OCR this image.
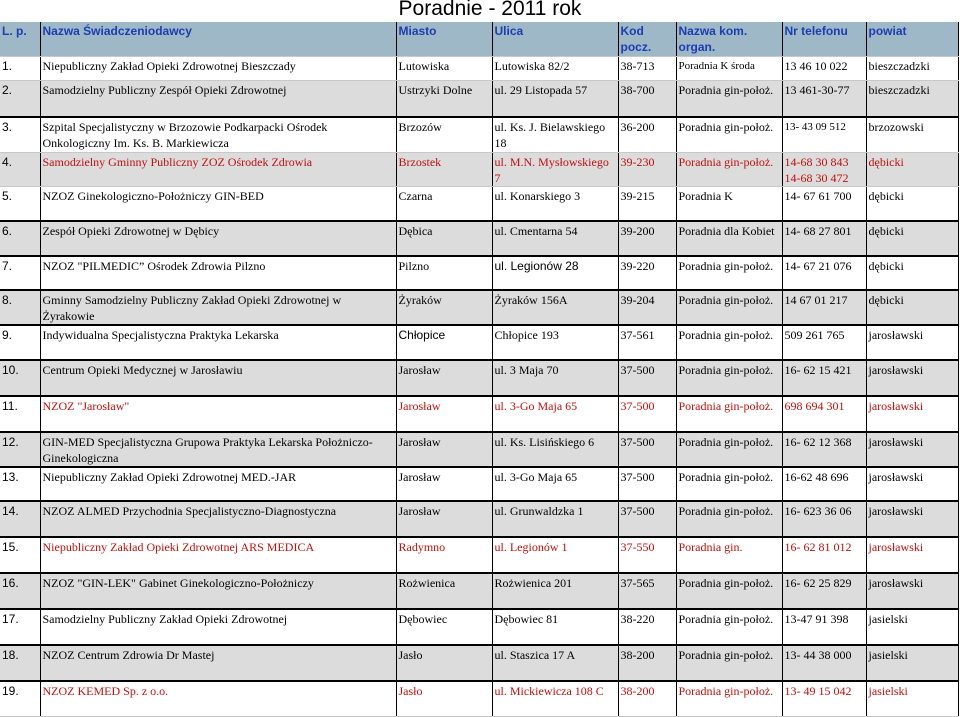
Poradnie - 2011 rok
L. p.	Nazwa Świadczeniodawcy	Miasto	Ulica	Kod pocz.	Nazwa kom. organ.	Nr telefonu	powiat
1.	Niepubliczny Zakład Opieki Zdrowotnej Bieszczady	Lutowiska	Lutowiska 82/2	38-713	Poradnia K środa	13 46 10 022	bieszczadzki
2.	Samodzielny Publiczny Zespół Opieki Zdrowotnej	Ustrzyki Dolne	ul. 29 Listopada 57	38-700	Poradnia gin-położ.	13 461-30-77	bieszczadzki
3.	Szpital Specjalistyczny w Brzozowie Podkarpacki Ośrodek Onkologiczny Im. Ks. B. Markiewicza	Brzozów	ul. Ks. J. Bielawskiego 18	36-200	Poradnia gin-położ.	13- 43 09 512	brzozowski
4.	Samodzielny Gminny Publiczny ZOZ Ośrodek Zdrowia	Brzostek	ul. M.N. Mysłowskiego 7	39-230	Poradnia gin-położ.	14-68 30 843 14-68 30 472	dębicki
5.	NZOZ Ginekologiczno-Położniczy GIN-BED	Czarna	ul. Konarskiego 3	39-215	Poradnia K	14- 67 61 700	dębicki
6.	Zespół Opieki Zdrowotnej w Dębicy	Dębica	ul. Cmentarna 54	39-200	Poradnia dla Kobiet	14- 68 27 801	dębicki
7.	NZOZ "PILMEDIC” Ośrodek Zdrowia Pilzno	Pilzno	ul. Legionów 28	39-220	Poradnia gin-położ.	14- 67 21 076	dębicki
8.	Gminny Samodzielny Publiczny Zakład Opieki Zdrowotnej w Żyrakowie	Żyraków	Żyraków 156A	39-204	Poradnia gin-położ.	14 67 01 217	dębicki
9.	Indywidualna Specjalistyczna Praktyka Lekarska	Chłopice	Chłopice 193	37-561	Poradnia gin-położ.	509 261 765	jarosławski
10.	Centrum Opieki Medycznej w Jarosławiu	Jarosław	ul. 3 Maja 70	37-500	Poradnia gin-położ.	16- 62 15 421	jarosławski
11.	NZOZ "Jarosław"	Jarosław	ul. 3-Go Maja 65	37-500	Poradnia gin-położ.	698 694 301	jarosławski
12.	GIN-MED Specjalistyczna Grupowa Praktyka Lekarska Położniczo-Ginekologiczna	Jarosław	ul. Ks. Lisińskiego 6	37-500	Poradnia gin-położ.	16- 62 12 368	jarosławski
13.	Niepubliczny Zakład Opieki Zdrowotnej MED.-JAR	Jarosław	ul. 3-Go Maja 65	37-500	Poradnia gin-położ.	16-62 48 696	jarosławski
14.	NZOZ ALMED Przychodnia Specjalistyczno-Diagnostyczna	Jarosław	ul. Grunwaldzka 1	37-500	Poradnia gin-położ.	16- 623 36 06	jarosławski
15.	Niepubliczny Zakład Opieki Zdrowotnej ARS MEDICA	Radymno	ul. Legionów 1	37-550	Poradnia gin.	16- 62 81 012	jarosławski
16.	NZOZ "GIN-LEK" Gabinet Ginekologiczno-Położniczy	Rożwienica	Rożwienica 201	37-565	Poradnia gin-położ.	16- 62 25 829	jarosławski
17.	Samodzielny Publiczny Zakład Opieki Zdrowotnej	Dębowiec	Dębowiec 81	38-220	Poradnia gin-położ.	13-47 91 398	jasielski
18.	NZOZ Centrum Zdrowia Dr Mastej	Jasło	ul. Staszica 17 A	38-200	Poradnia gin-położ.	13- 44 38 000	jasielski
19.	NZOZ KEMED Sp. z o.o.	Jasło	ul. Mickiewicza 108 C	38-200	Poradnia gin-położ.	13- 49 15 042	jasielski
